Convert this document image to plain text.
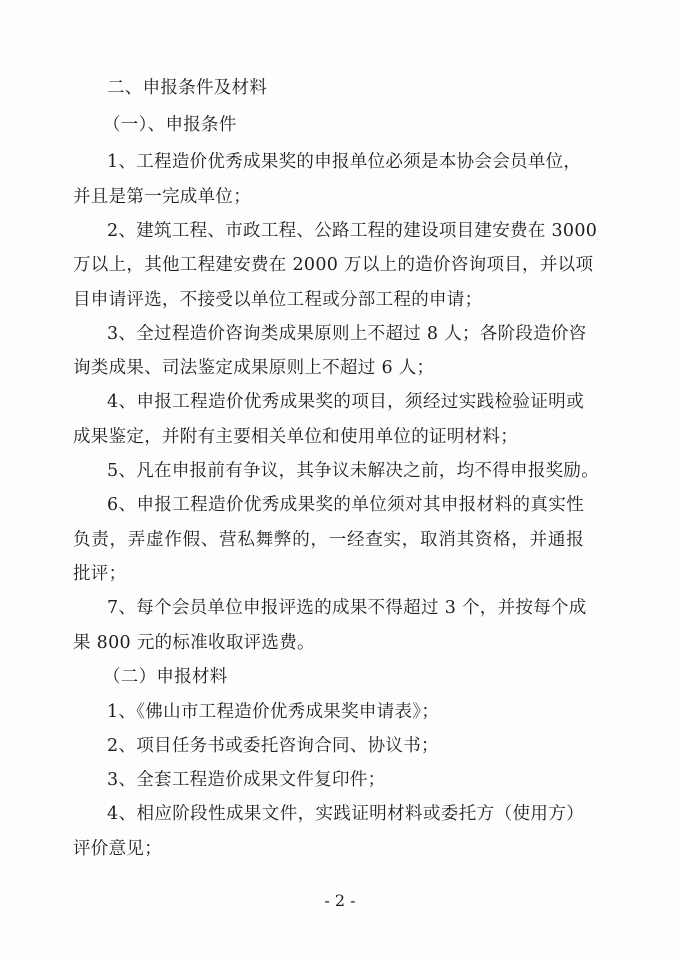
二、申报条件及材料
（一）、申报条件
1、工程造价优秀成果奖的申报单位必须是本协会会员单位，
并且是第一完成单位；
2、建筑工程、市政工程、公路工程的建设项目建安费在 3000
万以上，其他工程建安费在 2000 万以上的造价咨询项目，并以项
目申请评选，不接受以单位工程或分部工程的申请；
3、全过程造价咨询类成果原则上不超过 8 人；各阶段造价咨
询类成果、司法鉴定成果原则上不超过 6 人；
4、申报工程造价优秀成果奖的项目，须经过实践检验证明或
成果鉴定，并附有主要相关单位和使用单位的证明材料；
5、凡在申报前有争议，其争议未解决之前，均不得申报奖励。
6、申报工程造价优秀成果奖的单位须对其申报材料的真实性
负责，弄虚作假、营私舞弊的，一经查实，取消其资格，并通报
批评；
7、每个会员单位申报评选的成果不得超过 3 个，并按每个成
果 800 元的标准收取评选费。
（二）申报材料
1、《佛山市工程造价优秀成果奖申请表》；
2、项目任务书或委托咨询合同、协议书；
3、全套工程造价成果文件复印件；
4、相应阶段性成果文件，实践证明材料或委托方（使用方）
评价意见；
- 2 -
